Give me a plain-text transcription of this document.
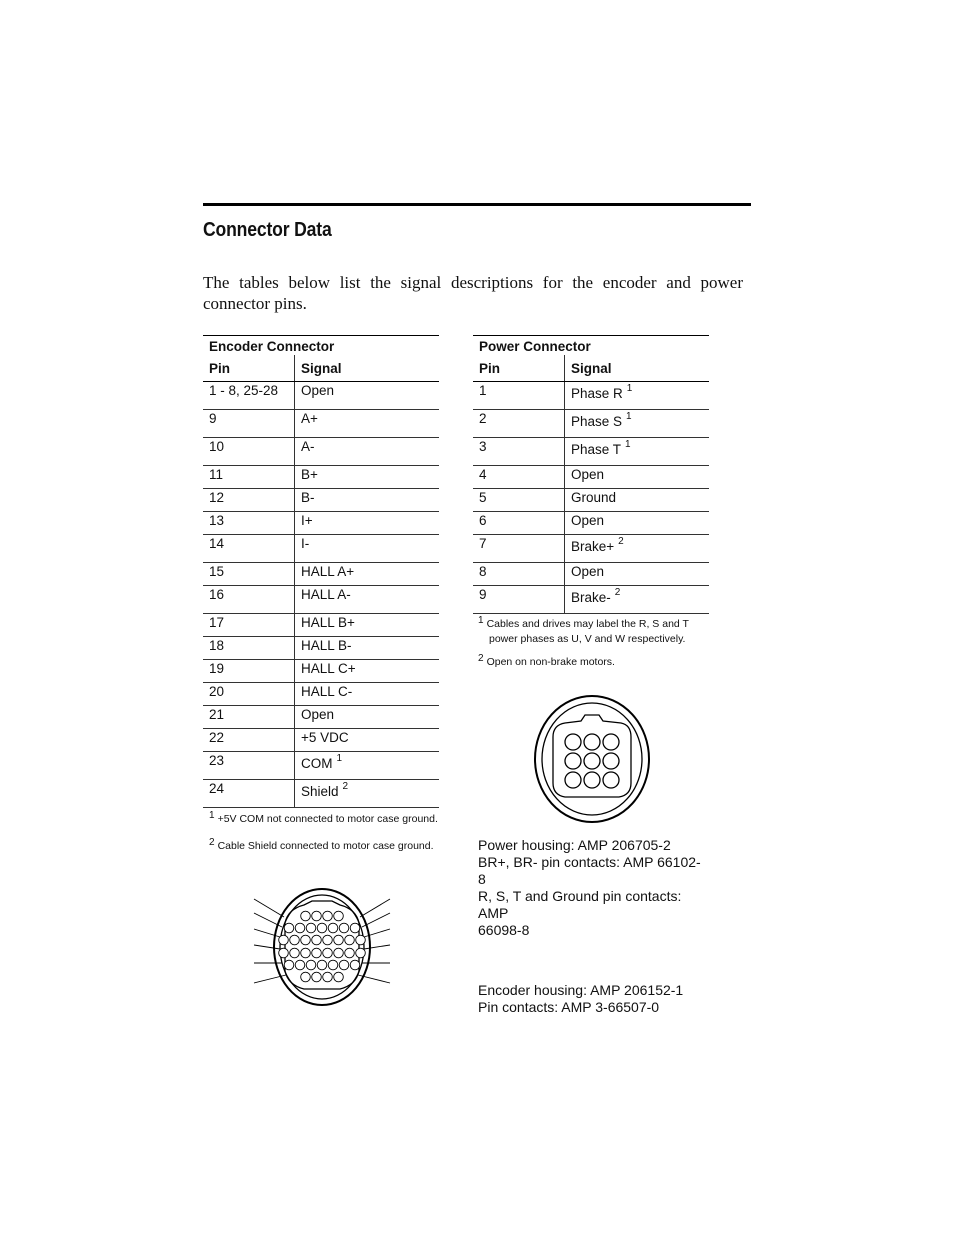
Connector Data

The tables below list the signal descriptions for the encoder and power connector pins.

Encoder Connector	
Pin	Signal
1 - 8, 25-28	Open
9	A+
10	A-
11	B+
12	B-
13	I+
14	I-
15	HALL A+
16	HALL A-
17	HALL B+
18	HALL B-
19	HALL C+
20	HALL C-
21	Open
22	+5 VDC
23	COM $^1$
24	Shield $^2$
$^1$ +5V COM not connected to motor case ground.
$^2$ Cable Shield connected to motor case ground.
Power Connector	
Pin	Signal
1	Phase R $^1$
2	Phase S $^1$
3	Phase T $^1$
4	Open
5	Ground
6	Open
7	Brake+ $^2$
8	Open
9	Brake- $^2$
$^1$ Cables and drives may label the R, S and T
power phases as U, V and W respectively.
$^2$ Open on non-brake motors.

Power housing: AMP 206705-2

BR+, BR- pin contacts: AMP 66102-8

R, S, T and Ground pin contacts: AMP

66098-8

Encoder housing: AMP 206152-1

Pin contacts: AMP 3-66507-0
